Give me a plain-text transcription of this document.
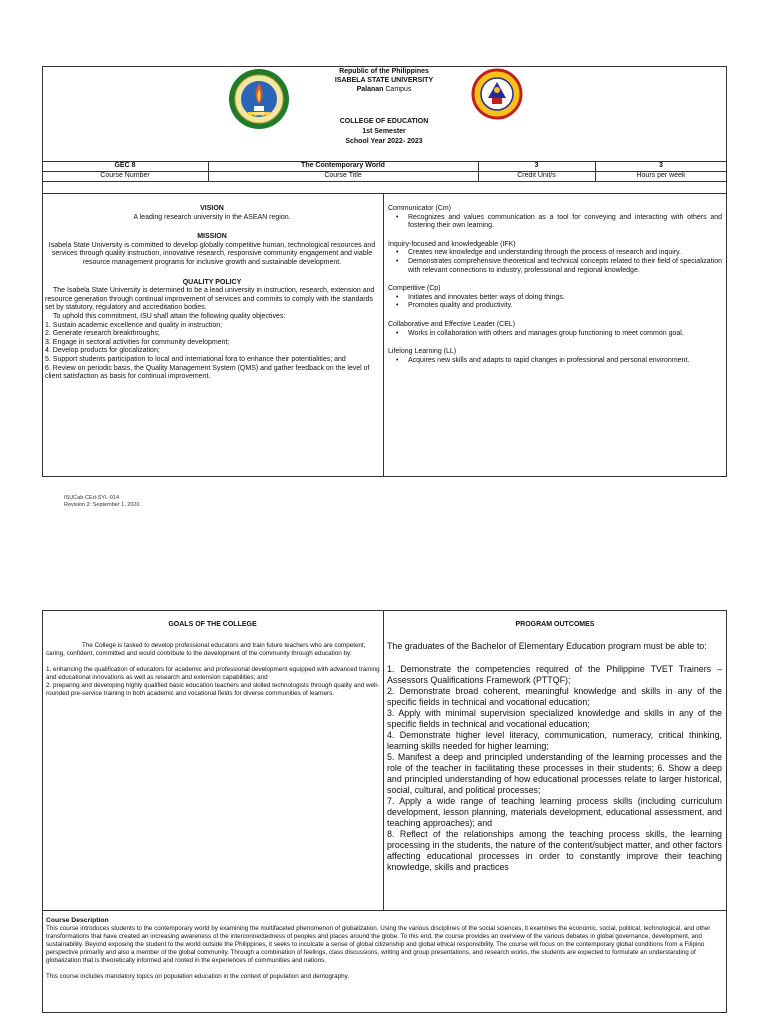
1978
Republic of the Philippines
ISABELA STATE UNIVERSITY
Palanan Campus
COLLEGE OF EDUCATION
1st Semester
School Year 2022- 2023
GEC 8	The Contemporary World	3	3
Course Number	Course Title	Credit Unit/s	Hours per week

VISION

A leading research university in the ASEAN region.

MISSION

Isabela State University is committed to develop globally competitive human, technological resources and services through quality instruction, innovative research, responsive community engagement and viable resource management programs for inclusive growth and sustainable development.

QUALITY POLICY

The Isabela State University is determined to be a lead university in instruction, research, extension and resource generation through continual improvement of services and commits to comply with the standards set by statutory, regulatory and accreditation bodies.

To uphold this commitment, ISU shall attain the following quality objectives:

1. Sustain academic excellence and quality in instruction;

2. Generate research breakthroughs;

3. Engage in sectoral activities for community development;

4. Develop products for glocalization;

5. Support students participation to local and international fora to enhance their potentialities; and

6. Review on periodic basis, the Quality Management System (QMS) and gather feedback on the level of client satisfaction as basis for continual improvement.

Communicator (Cm)

• Recognizes and values communication as a tool for conveying and interacting with others and fostering their own learning.

Inquiry-focused and knowledgeable (IFK)

• Creates new knowledge and understanding through the process of research and inquiry.
• Demonstrates comprehensive theoretical and technical concepts related to their field of specialization with relevant connections to industry, professional and regional knowledge.

Competitive (Cp)

• Initiates and innovates better ways of doing things.
• Promotes quality and productivity.

Collaborative and Effective Leader (CEL)

• Works in collaboration with others and manages group functioning to meet common goal.

Lifelong Learning (LL)

• Acquires new skills and adapts to rapid changes in professional and personal environment.
ISUCab-CEd-SYL-014
Revision 2: September 1, 2020
GOALS OF THE COLLEGE

The College is tasked to develop professional educators and train future teachers who are competent, caring, confident, committed and would contribute to the development of the community through education by:

1. enhancing the qualification of educators for academic and professional development equipped with advanced training and educational innovations as well as research and extension capabilities; and

2. preparing and developing highly qualified basic education teachers and skilled technologists through quality and well-rounded pre-service training in both academic and vocational fields for diverse communities of learners.

PROGRAM OUTCOMES

The graduates of the Bachelor of Elementary Education program must be able to:

1. Demonstrate the competencies required of the Philippine TVET Trainers – Assessors Qualifications Framework (PTTQF);

2. Demonstrate broad coherent, meaningful knowledge and skills in any of the specific fields in technical and vocational education;

3. Apply with minimal supervision specialized knowledge and skills in any of the specific fields in technical and vocational education;

4. Demonstrate higher level literacy, communication, numeracy, critical thinking, learning skills needed for higher learning;

5. Manifest a deep and principled understanding of the learning processes and the role of the teacher in facilitating these processes in their students; 6. Show a deep and principled understanding of how educational processes relate to larger historical, social, cultural, and political processes;

7. Apply a wide range of teaching learning process skills (including curriculum development, lesson planning, materials development, educational assessment, and teaching approaches); and

8. Reflect of the relationships among the teaching process skills, the learning processing in the students, the nature of the content/subject matter, and other factors affecting educational processes in order to constantly improve their teaching knowledge, skills and practices

Course Description

This course introduces students to the contemporary world by examining the multifaceted phenomenon of globalization. Using the various disciplines of the social sciences, it examines the economic, social, political, technological, and other transformations that have created an increasing awareness of the interconnectedness of peoples and places around the globe. To this end, the course provides an overview of the various debates in global governance, development, and sustainability. Beyond exposing the student to the world outside the Philippines, it seeks to inculcate a sense of global citizenship and global ethical responsibility. The course will focus on the contemporary global conditions from a Filipino perspective primarily and also a member of the global community. Through a combination of feelings, class discussions, writing and group presentations, and research works, the students are expected to formulate an understanding of globalization that is theoretically informed and rooted in the experiences of communities and nations.

This course includes mandatory topics on population education in the context of population and demography.
